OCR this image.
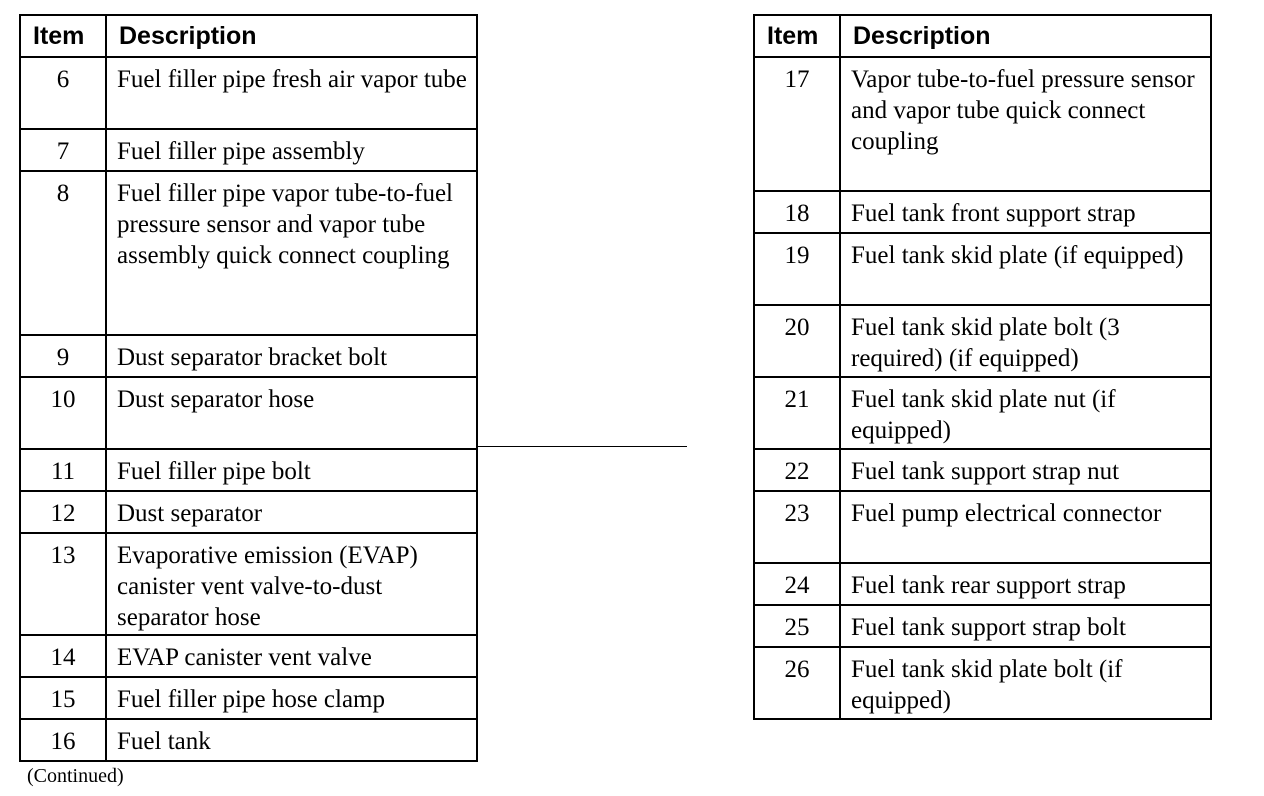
Item	Description
6	Fuel filler pipe fresh air vapor tube
7	Fuel filler pipe assembly
8	Fuel filler pipe vapor tube-to-fuel pressure sensor and vapor tube assembly quick connect coupling
9	Dust separator bracket bolt
10	Dust separator hose
11	Fuel filler pipe bolt
12	Dust separator
13	Evaporative emission (EVAP) canister vent valve-to-dust separator hose
14	EVAP canister vent valve
15	Fuel filler pipe hose clamp
16	Fuel tank
Item	Description
17	Vapor tube-to-fuel pressure sensor and vapor tube quick connect coupling
18	Fuel tank front support strap
19	Fuel tank skid plate (if equipped)
20	Fuel tank skid plate bolt (3 required) (if equipped)
21	Fuel tank skid plate nut (if equipped)
22	Fuel tank support strap nut
23	Fuel pump electrical connector
24	Fuel tank rear support strap
25	Fuel tank support strap bolt
26	Fuel tank skid plate bolt (if equipped)
(Continued)
